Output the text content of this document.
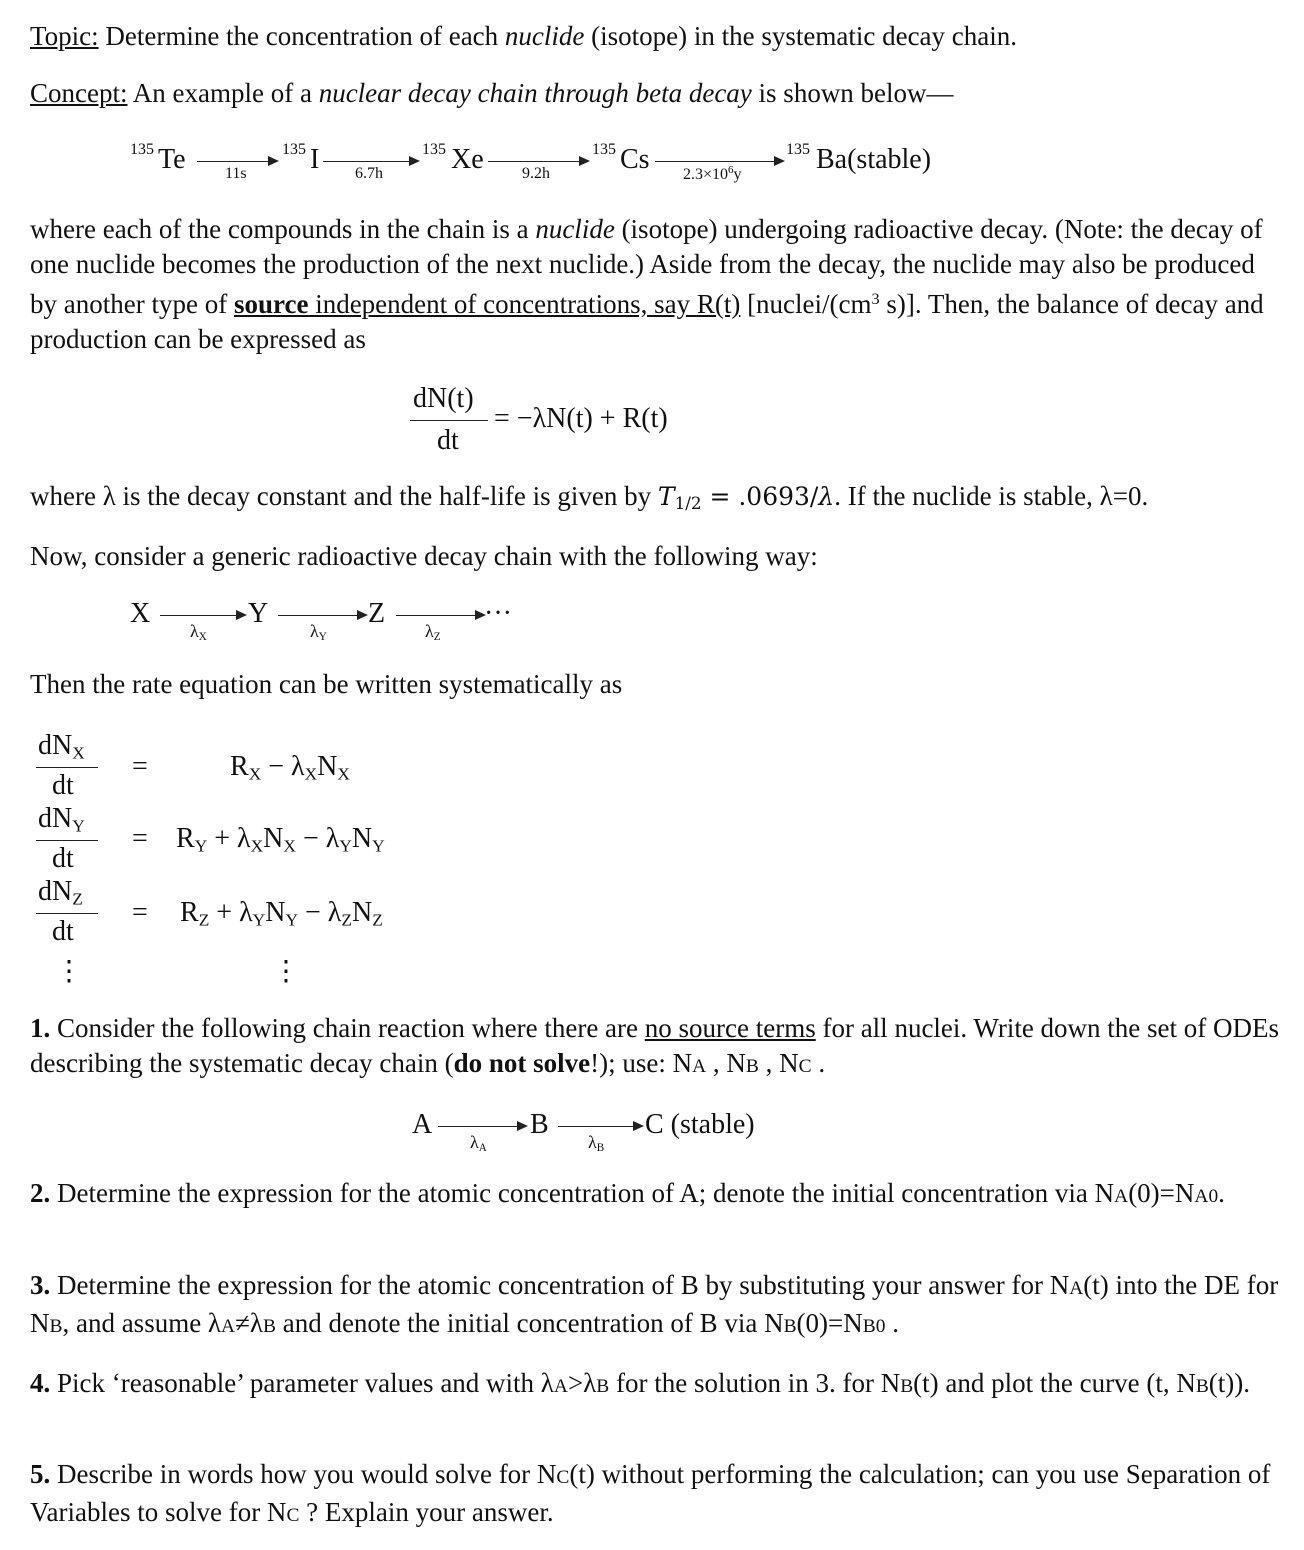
Topic: Determine the concentration of each nuclide (isotope) in the systematic decay chain.
Concept: An example of a nuclear decay chain through beta decay is shown below—
135 Te 11s
135 I 6.7h
135 Xe 9.2h
135 Cs $2.3\times 10^6y$
135 Ba(stable)
where each of the compounds in the chain is a nuclide (isotope) undergoing radioactive decay. (Note: the decay of one nuclide becomes the production of the next nuclide.) Aside from the decay, the nuclide may also be produced by another type of source independent of concentrations, say R(t) [$nuclei/(cm^3$ s)]. Then, the balance of decay and production can be expressed as
dN(t)
dt
= −λN(t) + R(t)
where λ is the decay constant and the half-life is given by $T_{1/2} = .0693/\lambda$. If the nuclide is stable, λ=0.
Now, consider a generic radioactive decay chain with the following way:
X
$\lambda_X$
Y
$\lambda_Y$
Z
$\lambda_Z$
···
Then the rate equation can be written systematically as
$dN_X$
dt
=	$R_X - \lambda_XN_X$
$dN_Y$
dt
= $R_Y + \lambda_XN_X - \lambda_YN_Y$
$dN_Z$
dt
= $R_Z + \lambda_YN_Y - \lambda_ZN_Z$
⋮	⋮
1. Consider the following chain reaction where there are no source terms for all nuclei. Write down the set of ODEs describing the systematic decay chain (do not solve!); use: NA , NB , NC .
A
$\lambda_A$
B
$\lambda_B$
C (stable)
2. Determine the expression for the atomic concentration of A; denote the initial concentration via NA(0)=NA0.
3. Determine the expression for the atomic concentration of B by substituting your answer for NA(t) into the DE for NB, and assume λA≠λB and denote the initial concentration of B via NB(0)=NB0 .
4. Pick ‘reasonable’ parameter values and with λA>λB for the solution in 3. for NB(t) and plot the curve (t, NB(t)).
5. Describe in words how you would solve for NC(t) without performing the calculation; can you use Separation of Variables to solve for NC ? Explain your answer.
